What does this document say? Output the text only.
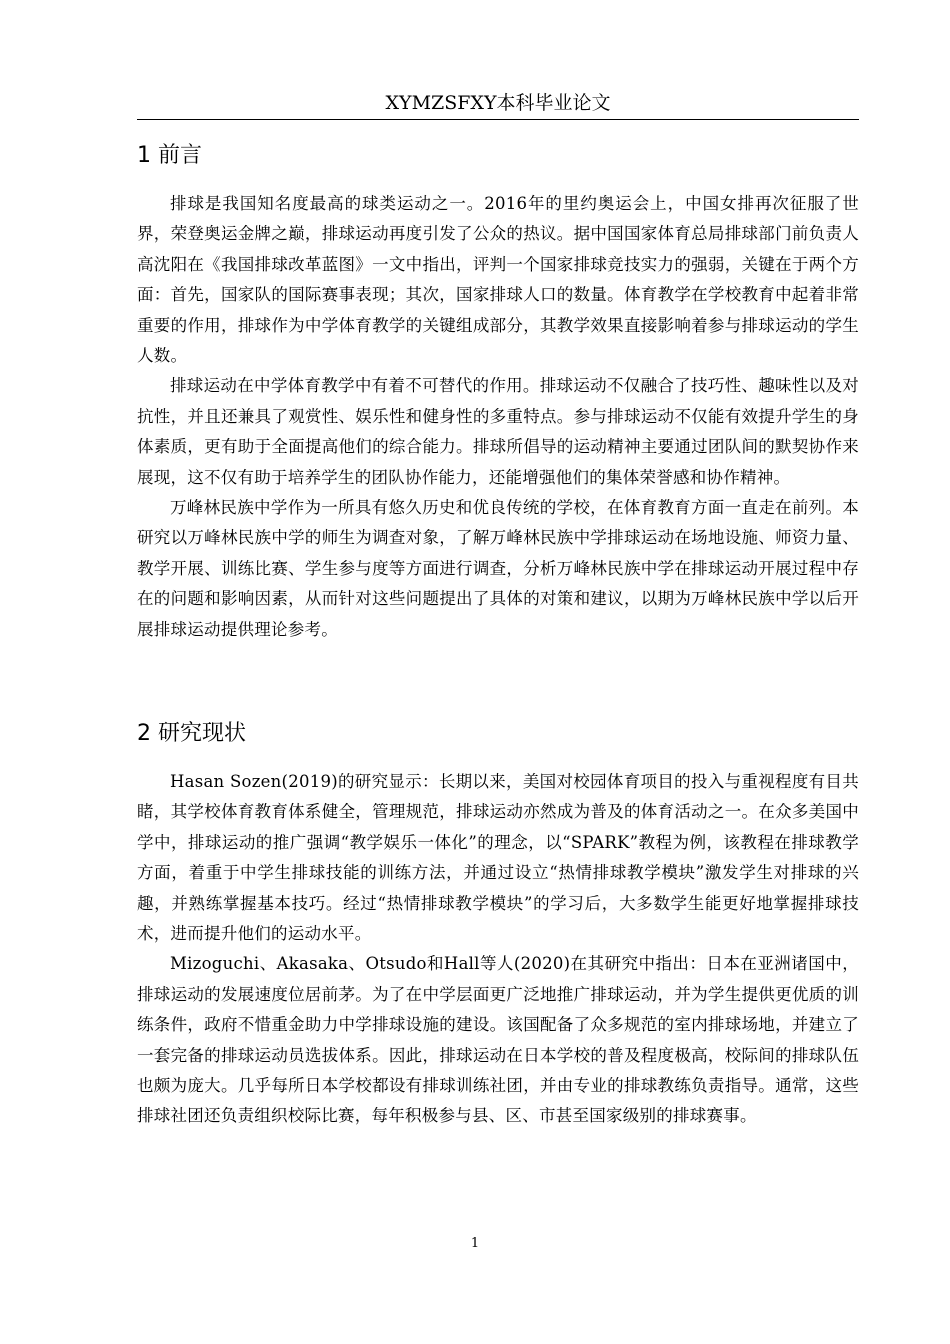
XYMZSFXY本科毕业论文
1 前言

排球是我国知名度最高的球类运动之一。2016年的里约奥运会上，中国女排再次征服了世界，荣登奥运金牌之巅，排球运动再度引发了公众的热议。据中国国家体育总局排球部门前负责人高沈阳在《我国排球改革蓝图》一文中指出，评判一个国家排球竞技实力的强弱，关键在于两个方面：首先，国家队的国际赛事表现；其次，国家排球人口的数量。体育教学在学校教育中起着非常重要的作用，排球作为中学体育教学的关键组成部分，其教学效果直接影响着参与排球运动的学生人数。

排球运动在中学体育教学中有着不可替代的作用。排球运动不仅融合了技巧性、趣味性以及对抗性，并且还兼具了观赏性、娱乐性和健身性的多重特点。参与排球运动不仅能有效提升学生的身体素质，更有助于全面提高他们的综合能力。排球所倡导的运动精神主要通过团队间的默契协作来展现，这不仅有助于培养学生的团队协作能力，还能增强他们的集体荣誉感和协作精神。

万峰林民族中学作为一所具有悠久历史和优良传统的学校，在体育教育方面一直走在前列。本研究以万峰林民族中学的师生为调查对象，了解万峰林民族中学排球运动在场地设施、师资力量、教学开展、训练比赛、学生参与度等方面进行调查，分析万峰林民族中学在排球运动开展过程中存在的问题和影响因素，从而针对这些问题提出了具体的对策和建议，以期为万峰林民族中学以后开展排球运动提供理论参考。

2 研究现状

Hasan Sozen(2019)的研究显示：长期以来，美国对校园体育项目的投入与重视程度有目共睹，其学校体育教育体系健全，管理规范，排球运动亦然成为普及的体育活动之一。在众多美国中学中，排球运动的推广强调“教学娱乐一体化”的理念，以“SPARK”教程为例，该教程在排球教学方面，着重于中学生排球技能的训练方法，并通过设立“热情排球教学模块”激发学生对排球的兴趣，并熟练掌握基本技巧。经过“热情排球教学模块”的学习后，大多数学生能更好地掌握排球技术，进而提升他们的运动水平。

Mizoguchi、Akasaka、Otsudo和Hall等人(2020)在其研究中指出：日本在亚洲诸国中，排球运动的发展速度位居前茅。为了在中学层面更广泛地推广排球运动，并为学生提供更优质的训练条件，政府不惜重金助力中学排球设施的建设。该国配备了众多规范的室内排球场地，并建立了一套完备的排球运动员选拔体系。因此，排球运动在日本学校的普及程度极高，校际间的排球队伍也颇为庞大。几乎每所日本学校都设有排球训练社团，并由专业的排球教练负责指导。通常，这些排球社团还负责组织校际比赛，每年积极参与县、区、市甚至国家级别的排球赛事。

1
